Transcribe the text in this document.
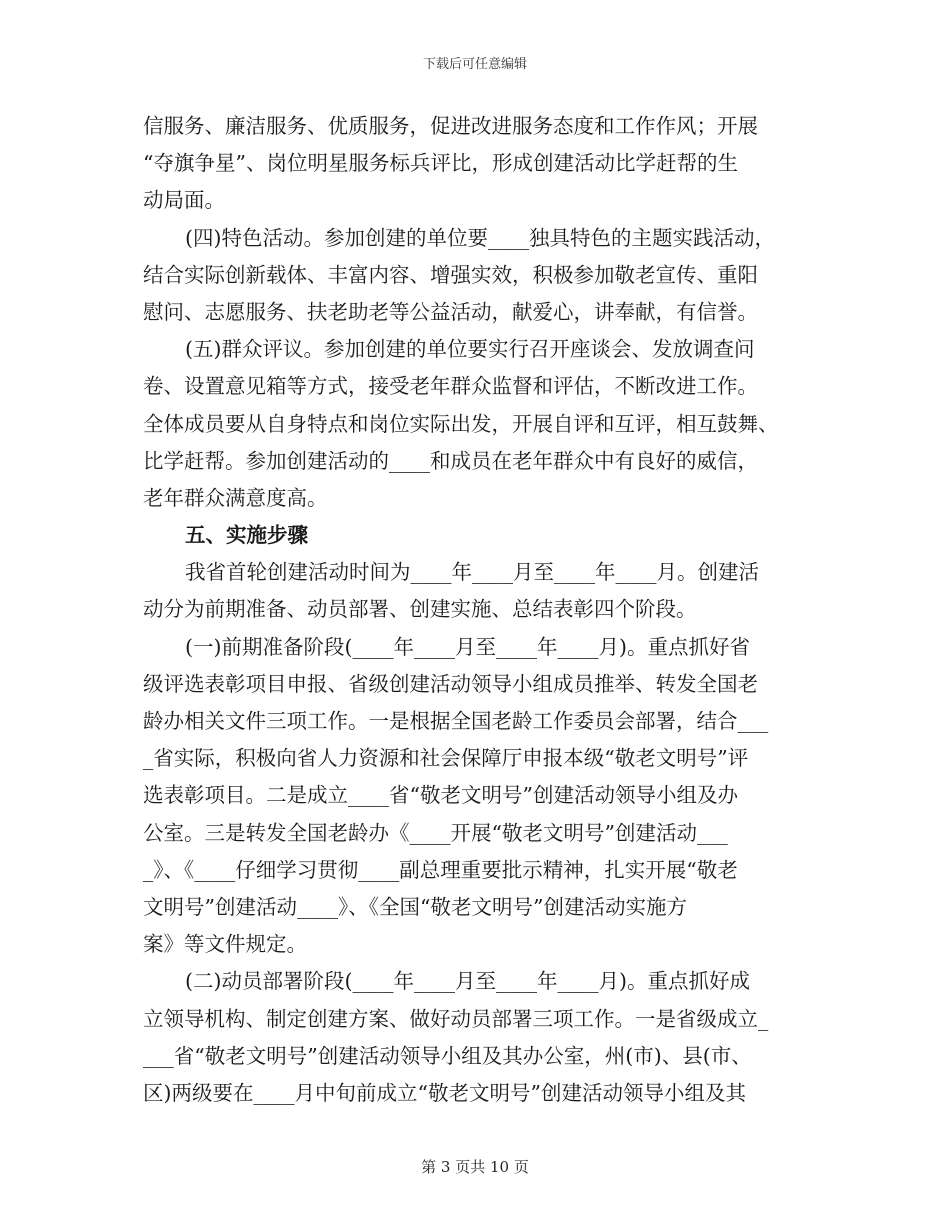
下载后可任意编辑
信服务、廉洁服务、优质服务，促进改进服务态度和工作作风；开展
“夺旗争星”、岗位明星服务标兵评比，形成创建活动比学赶帮的生
动局面。
(四)特色活动。参加创建的单位要____独具特色的主题实践活动，
结合实际创新载体、丰富内容、增强实效，积极参加敬老宣传、重阳
慰问、志愿服务、扶老助老等公益活动，献爱心，讲奉献，有信誉。
(五)群众评议。参加创建的单位要实行召开座谈会、发放调查问
卷、设置意见箱等方式，接受老年群众监督和评估，不断改进工作。
全体成员要从自身特点和岗位实际出发，开展自评和互评，相互鼓舞、
比学赶帮。参加创建活动的____和成员在老年群众中有良好的威信，
老年群众满意度高。
五、实施步骤
我省首轮创建活动时间为____年____月至____年____月。创建活
动分为前期准备、动员部署、创建实施、总结表彰四个阶段。
(一)前期准备阶段(____年____月至____年____月)。重点抓好省
级评选表彰项目申报、省级创建活动领导小组成员推举、转发全国老
龄办相关文件三项工作。一是根据全国老龄工作委员会部署，结合___
_省实际，积极向省人力资源和社会保障厅申报本级“敬老文明号”评
选表彰项目。二是成立____省“敬老文明号”创建活动领导小组及办
公室。三是转发全国老龄办《____开展“敬老文明号”创建活动___
_》、《____仔细学习贯彻____副总理重要批示精神，扎实开展“敬老
文明号”创建活动____》、《全国“敬老文明号”创建活动实施方
案》等文件规定。
(二)动员部署阶段(____年____月至____年____月)。重点抓好成
立领导机构、制定创建方案、做好动员部署三项工作。一是省级成立_
___省“敬老文明号”创建活动领导小组及其办公室，州(市)、县(市、
区)两级要在____月中旬前成立“敬老文明号”创建活动领导小组及其
第 3 页共 10 页
